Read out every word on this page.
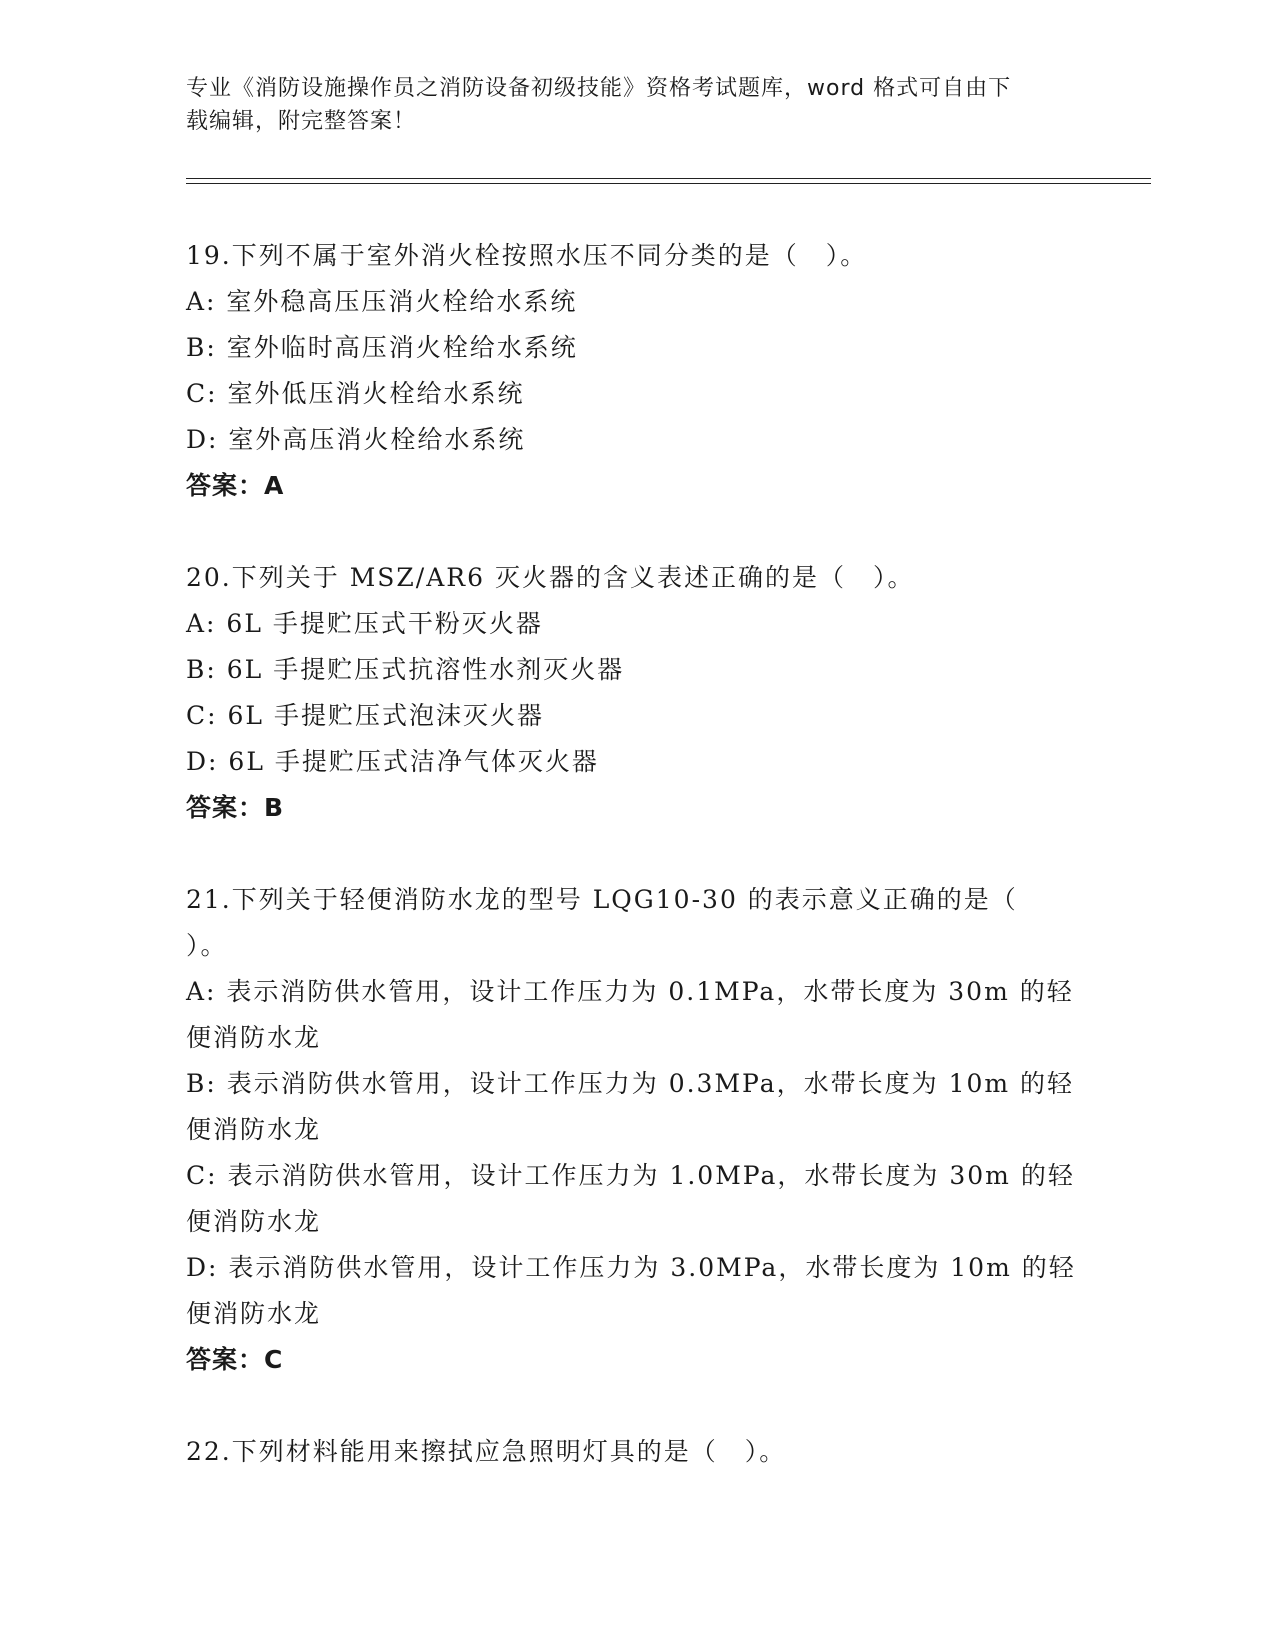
专业《消防设施操作员之消防设备初级技能》资格考试题库，word 格式可自由下
载编辑，附完整答案！
19.下列不属于室外消火栓按照水压不同分类的是（　）。
A: 室外稳高压压消火栓给水系统
B: 室外临时高压消火栓给水系统
C: 室外低压消火栓给水系统
D: 室外高压消火栓给水系统
答案：A
20.下列关于 MSZ/AR6 灭火器的含义表述正确的是（　）。
A: 6L 手提贮压式干粉灭火器
B: 6L 手提贮压式抗溶性水剂灭火器
C: 6L 手提贮压式泡沫灭火器
D: 6L 手提贮压式洁净气体灭火器
答案：B
21.下列关于轻便消防水龙的型号 LQG10-30 的表示意义正确的是（
）。
A: 表示消防供水管用，设计工作压力为 0.1MPa，水带长度为 30m 的轻
便消防水龙
B: 表示消防供水管用，设计工作压力为 0.3MPa，水带长度为 10m 的轻
便消防水龙
C: 表示消防供水管用，设计工作压力为 1.0MPa，水带长度为 30m 的轻
便消防水龙
D: 表示消防供水管用，设计工作压力为 3.0MPa，水带长度为 10m 的轻
便消防水龙
答案：C
22.下列材料能用来擦拭应急照明灯具的是（　）。
